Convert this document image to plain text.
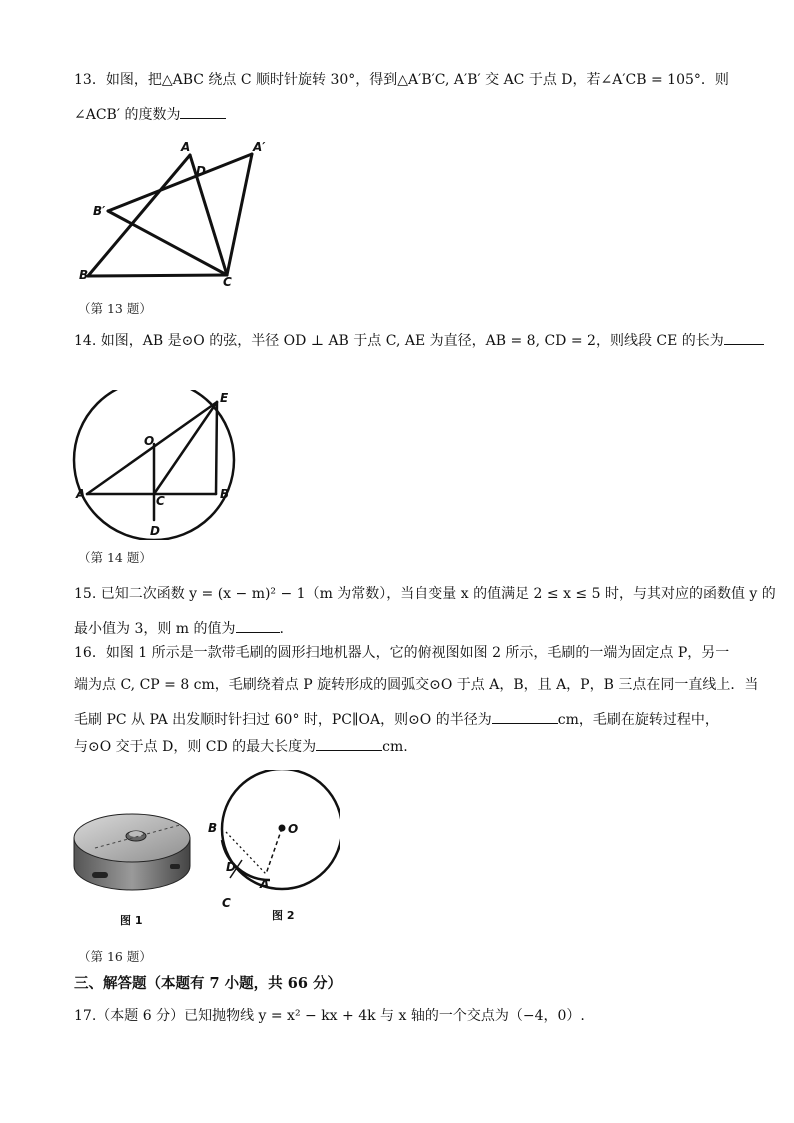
13．如图，把△ABC 绕点 C 顺时针旋转 30°，得到△A′B′C, A′B′ 交 AC 于点 D，若∠A′CB = 105°．则
∠ACB′ 的度数为
A
D
A′
B′
B	C
（第 13 题）
14. 如图，AB 是⊙O 的弦，半径 OD ⊥ AB 于点 C, AE 为直径，AB = 8, CD = 2，则线段 CE 的长为
E
O
A	C	B
D
（第 14 题）
15. 已知二次函数 y = (x − m)² − 1（m 为常数），当自变量 x 的值满足 2 ≤ x ≤ 5 时，与其对应的函数值 y 的
最小值为 3，则 m 的值为	.
16．如图 1 所示是一款带毛刷的圆形扫地机器人，它的俯视图如图 2 所示，毛刷的一端为固定点 P，另一
端为点 C, CP = 8 cm，毛刷绕着点 P 旋转形成的圆弧交⊙O 于点 A，B，且 A，P，B 三点在同一直线上．当
毛刷 PC 从 PA 出发顺时针扫过 60° 时，PC∥OA，则⊙O 的半径为	cm，毛刷在旋转过程中，
与⊙O 交于点 D，则 CD 的最大长度为	cm.
图 1
B	O
D
A
C
图 2
（第 16 题）
三、解答题（本题有 7 小题，共 66 分）
17.（本题 6 分）已知抛物线 y = x² − kx + 4k 与 x 轴的一个交点为（−4，0）.
